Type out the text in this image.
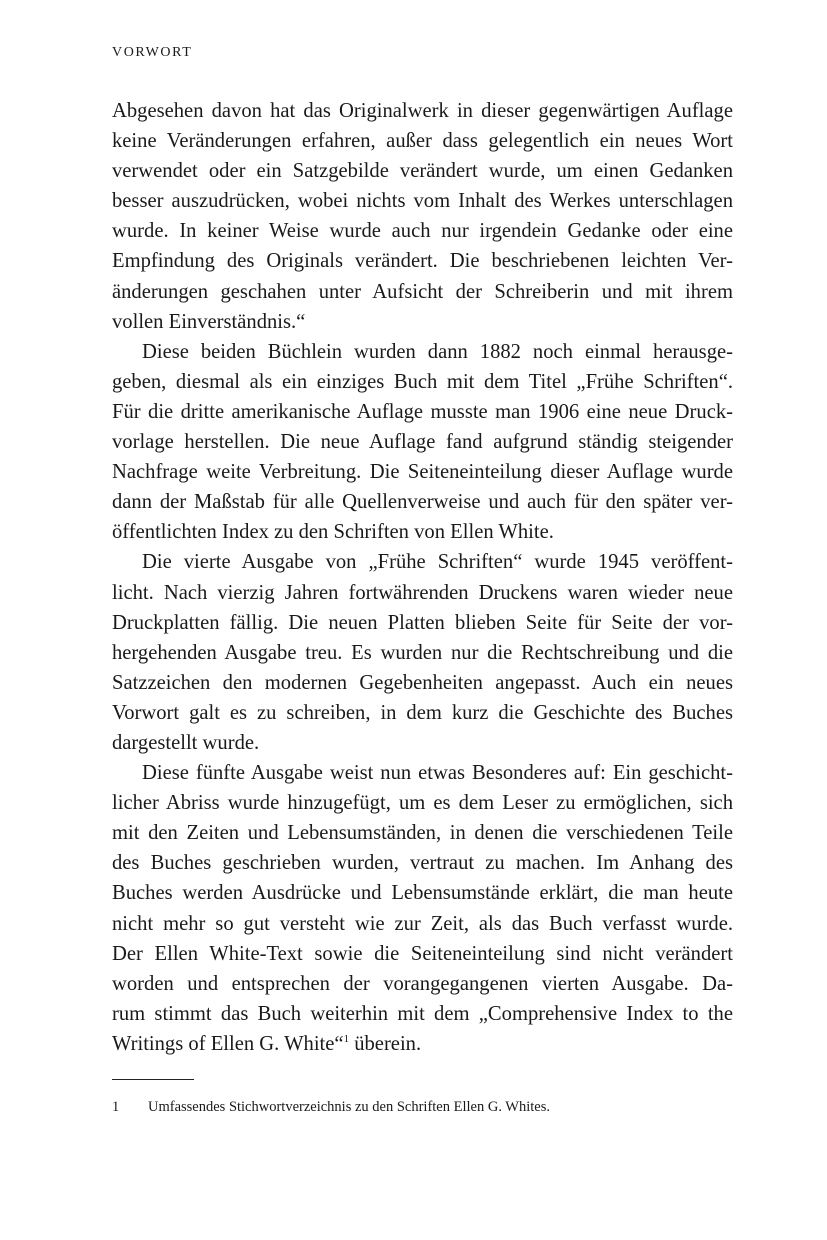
VORWORT
Abgesehen davon hat das Originalwerk in dieser gegenwärtigen Auflage
keine Veränderungen erfahren, außer dass gelegentlich ein neues Wort
verwendet oder ein Satzgebilde verändert wurde, um einen Gedanken
besser auszudrücken, wobei nichts vom Inhalt des Werkes unterschlagen
wurde. In keiner Weise wurde auch nur irgendein Gedanke oder eine
Empfindung des Originals verändert. Die beschriebenen leichten Ver-
änderungen geschahen unter Aufsicht der Schreiberin und mit ihrem
vollen Einverständnis.“
Diese beiden Büchlein wurden dann 1882 noch einmal herausge-
geben, diesmal als ein einziges Buch mit dem Titel „Frühe Schriften“.
Für die dritte amerikanische Auflage musste man 1906 eine neue Druck-
vorlage herstellen. Die neue Auflage fand aufgrund ständig steigender
Nachfrage weite Verbreitung. Die Seiteneinteilung dieser Auflage wurde
dann der Maßstab für alle Quellenverweise und auch für den später ver-
öffentlichten Index zu den Schriften von Ellen White.
Die vierte Ausgabe von „Frühe Schriften“ wurde 1945 veröffent-
licht. Nach vierzig Jahren fortwährenden Druckens waren wieder neue
Druckplatten fällig. Die neuen Platten blieben Seite für Seite der vor-
hergehenden Ausgabe treu. Es wurden nur die Rechtschreibung und die
Satzzeichen den modernen Gegebenheiten angepasst. Auch ein neues
Vorwort galt es zu schreiben, in dem kurz die Geschichte des Buches
dargestellt wurde.
Diese fünfte Ausgabe weist nun etwas Besonderes auf: Ein geschicht-
licher Abriss wurde hinzugefügt, um es dem Leser zu ermöglichen, sich
mit den Zeiten und Lebensumständen, in denen die verschiedenen Teile
des Buches geschrieben wurden, vertraut zu machen. Im Anhang des
Buches werden Ausdrücke und Lebensumstände erklärt, die man heute
nicht mehr so gut versteht wie zur Zeit, als das Buch verfasst wurde.
Der Ellen White-Text sowie die Seiteneinteilung sind nicht verändert
worden und entsprechen der vorangegangenen vierten Ausgabe. Da-
rum stimmt das Buch weiterhin mit dem „Comprehensive Index to the
Writings of Ellen G. White“$^1$ überein.
1 Umfassendes Stichwortverzeichnis zu den Schriften Ellen G. Whites.
